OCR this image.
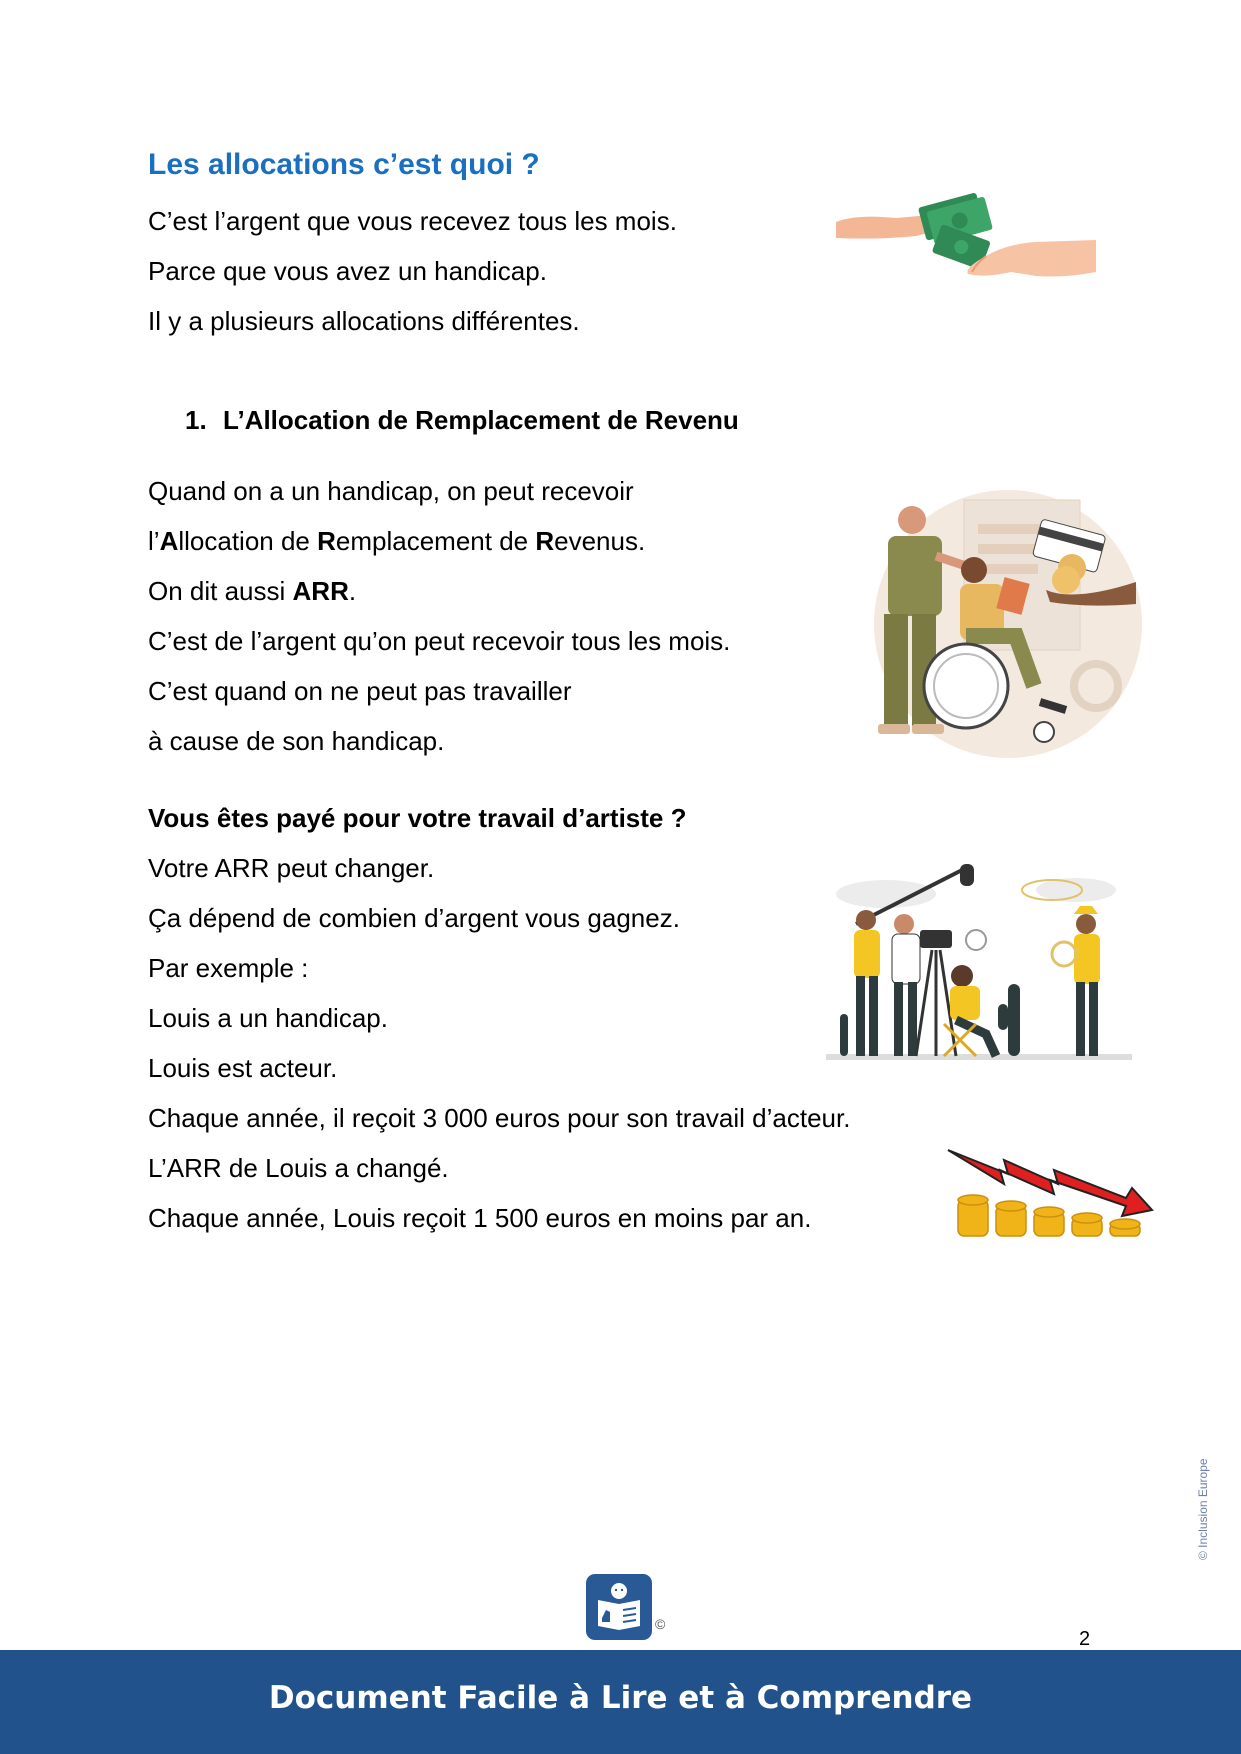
Les allocations c’est quoi ?
C’est l’argent que vous recevez tous les mois.
Parce que vous avez un handicap.
Il y a plusieurs allocations différentes.
1. L’Allocation de Remplacement de Revenu
Quand on a un handicap, on peut recevoir
l’Allocation de Remplacement de Revenus.
On dit aussi ARR.
C’est de l’argent qu’on peut recevoir tous les mois.
C’est quand on ne peut pas travailler
à cause de son handicap.
Vous êtes payé pour votre travail d’artiste ?
Votre ARR peut changer.
Ça dépend de combien d’argent vous gagnez.
Par exemple :
Louis a un handicap.
Louis est acteur.
Chaque année, il reçoit 3 000 euros pour son travail d’acteur.
L’ARR de Louis a changé.
Chaque année, Louis reçoit 1 500 euros en moins par an.
© Inclusion Europe
©
2
Document Facile à Lire et à Comprendre
